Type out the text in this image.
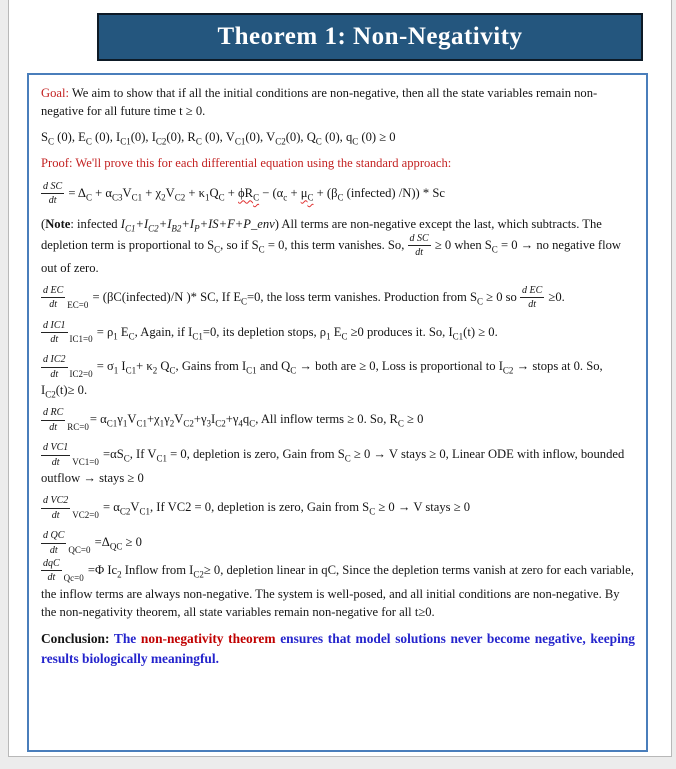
Theorem 1: Non-Negativity

Goal: We aim to show that if all the initial conditions are non-negative, then all the state variables remain non-negative for all future time t ≥ 0.

$S_C$ (0), $E_C$ (0), $I_{C1}(0)$, $I_{C2}(0)$, $R_C$ (0), $V_{C1}(0)$, $V_{C2}(0)$, $Q_C$ (0), $q_C$ (0) ≥ 0

Proof: We'll prove this for each differential equation using the standard approach:

$\frac{\text{d SC}}{dt} = \Delta_C + \alpha_{C3}V_{C1} + \chi_2V_{C2} + \kappa_1Q_C + \phi R_C - (\alpha_c + \mu_C + (\beta_C$ (infected) /N)) * Sc

(Note: infected $I_{C1}+I_{C2}+I_{B2}+I_P+IS+F+P\_env$) All terms are non-negative except the last, which subtracts. The depletion term is proportional to $S_C$, so if $S_C = 0$, this term vanishes. So, $\frac{\text{d SC}}{dt} \ge 0$ when $S_C = 0$ → no negative flow out of zero.

$\frac{\text{d EC}}{dt} _{EC=0}$ = (βC(infected)/N )* SC, If $E_C=0$, the loss term vanishes. Production from $S_C \ge 0$ so $\frac{\text{d EC}}{dt} \ge 0$.

$\frac{\text{d IC1}}{dt} _{IC1=0} = \rho_1$ $E_C$, Again, if $I_{C1}=0$, its depletion stops, $\rho_1$ $E_C \ge 0$ produces it. So, $I_{C1}(t) \ge 0$.

$\frac{\text{d IC2}}{dt} _{IC2=0} = \sigma_1$ $I_{C1}+ \kappa_2$ $Q_C$, Gains from $I_{C1}$ and $Q_C$ → both are ≥ 0, Loss is proportional to $I_{C2}$ → stops at 0. So, $I_{C2}(t)\ge 0$.

$\frac{\text{d RC}}{dt} _{RC=0}= \alpha_{C1}\gamma_1V_{C1}+\chi_1\gamma_2V_{C2}+\gamma_3I_{C2}+\gamma_4q_C$, All inflow terms ≥ 0. So, $R_C \ge 0$

$\frac{\text{d VC1}}{dt} _{VC1=0} =\alpha S_C$, If $V_{C1} = 0$, depletion is zero, Gain from $S_C \ge 0 \to V$ stays ≥ 0, Linear ODE with inflow, bounded outflow → stays ≥ 0

$\frac{\text{d VC2}}{dt} _{VC2=0} = \alpha_{C2}V_{C1}$, If VC2 = 0, depletion is zero, Gain from $S_C \ge 0 \to V$ stays ≥ 0

$\frac{\text{d QC}}{dt} _{QC=0} =\Delta_{QC} \ge 0$

$\frac{\text{dqC}}{dt} _{Qc=0} =\Phi$ $Ic_2$ Inflow from $I_{C2}\ge 0$, depletion linear in qC, Since the depletion terms vanish at zero for each variable, the inflow terms are always non-negative. The system is well-posed, and all initial conditions are non-negative. By the non-negativity theorem, all state variables remain non-negative for all t≥0.

Conclusion: The non-negativity theorem ensures that model solutions never become negative, keeping results biologically meaningful.
